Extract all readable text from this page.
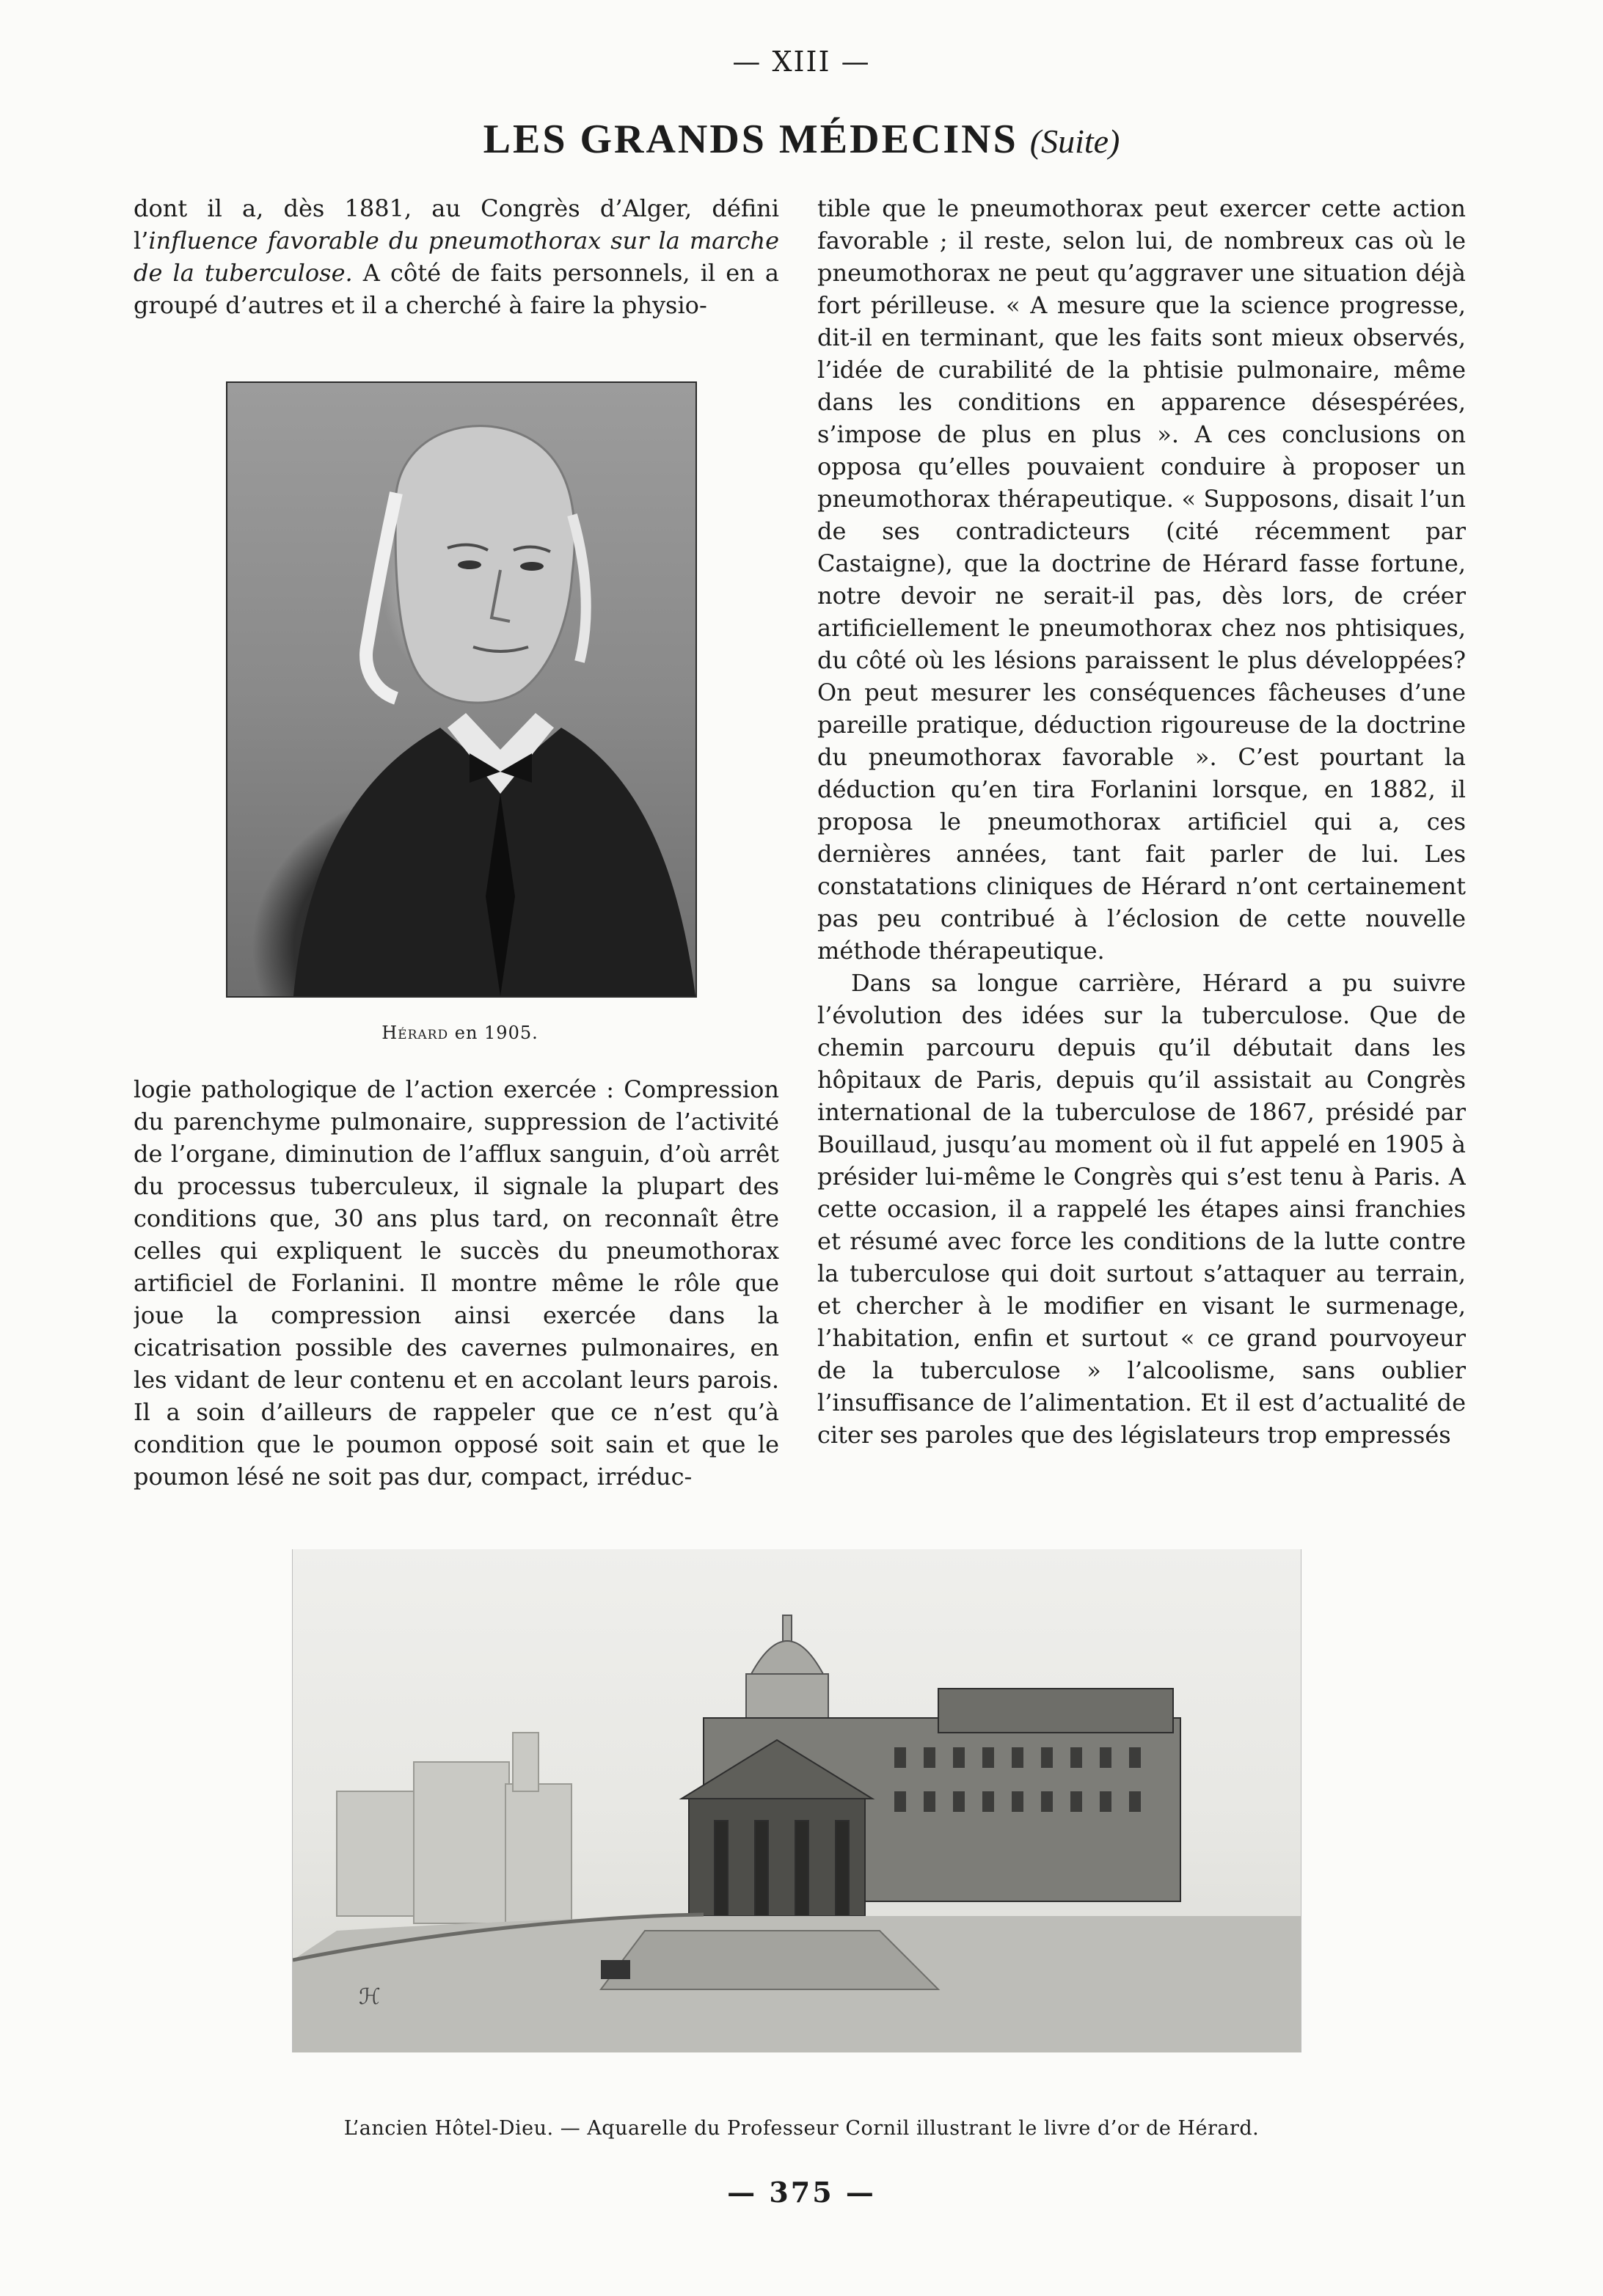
— XIII —
LES GRANDS MÉDECINS (Suite)

dont il a, dès 1881, au Congrès d’Alger, défini l’influence favorable du pneumothorax sur la marche de la tuberculose. A côté de faits personnels, il en a groupé d’autres et il a cherché à faire la physio-

Hérard en 1905.

logie pathologique de l’action exercée : Compression du parenchyme pulmonaire, suppression de l’activité de l’organe, diminution de l’afflux sanguin, d’où arrêt du processus tuberculeux, il signale la plupart des conditions que, 30 ans plus tard, on reconnaît être celles qui expliquent le succès du pneumothorax artificiel de Forlanini. Il montre même le rôle que joue la compression ainsi exercée dans la cicatrisation possible des cavernes pulmonaires, en les vidant de leur contenu et en accolant leurs parois. Il a soin d’ailleurs de rappeler que ce n’est qu’à condition que le poumon opposé soit sain et que le poumon lésé ne soit pas dur, compact, irréduc-

tible que le pneumothorax peut exercer cette action favorable ; il reste, selon lui, de nombreux cas où le pneumothorax ne peut qu’aggraver une situation déjà fort périlleuse. « A mesure que la science progresse, dit-il en terminant, que les faits sont mieux observés, l’idée de curabilité de la phtisie pulmonaire, même dans les conditions en apparence désespérées, s’impose de plus en plus ». A ces conclusions on opposa qu’elles pouvaient conduire à proposer un pneumothorax thérapeutique. « Supposons, disait l’un de ses contradicteurs (cité récemment par Castaigne), que la doctrine de Hérard fasse fortune, notre devoir ne serait-il pas, dès lors, de créer artificiellement le pneumothorax chez nos phtisiques, du côté où les lésions paraissent le plus développées? On peut mesurer les conséquences fâcheuses d’une pareille pratique, déduction rigoureuse de la doctrine du pneumothorax favorable ». C’est pourtant la déduction qu’en tira Forlanini lorsque, en 1882, il proposa le pneumothorax artificiel qui a, ces dernières années, tant fait parler de lui. Les constatations cliniques de Hérard n’ont certainement pas peu contribué à l’éclosion de cette nouvelle méthode thérapeutique.

Dans sa longue carrière, Hérard a pu suivre l’évolution des idées sur la tuberculose. Que de chemin parcouru depuis qu’il débutait dans les hôpitaux de Paris, depuis qu’il assistait au Congrès international de la tuberculose de 1867, présidé par Bouillaud, jusqu’au moment où il fut appelé en 1905 à présider lui-même le Congrès qui s’est tenu à Paris. A cette occasion, il a rappelé les étapes ainsi franchies et résumé avec force les conditions de la lutte contre la tuberculose qui doit surtout s’attaquer au terrain, et chercher à le modifier en visant le surmenage, l’habitation, enfin et surtout « ce grand pourvoyeur de la tuberculose » l’alcoolisme, sans oublier l’insuffisance de l’alimentation. Et il est d’actualité de citer ses paroles que des législateurs trop empressés

ℋ
L’ancien Hôtel-Dieu. — Aquarelle du Professeur Cornil illustrant le livre d’or de Hérard.
— 375 —
